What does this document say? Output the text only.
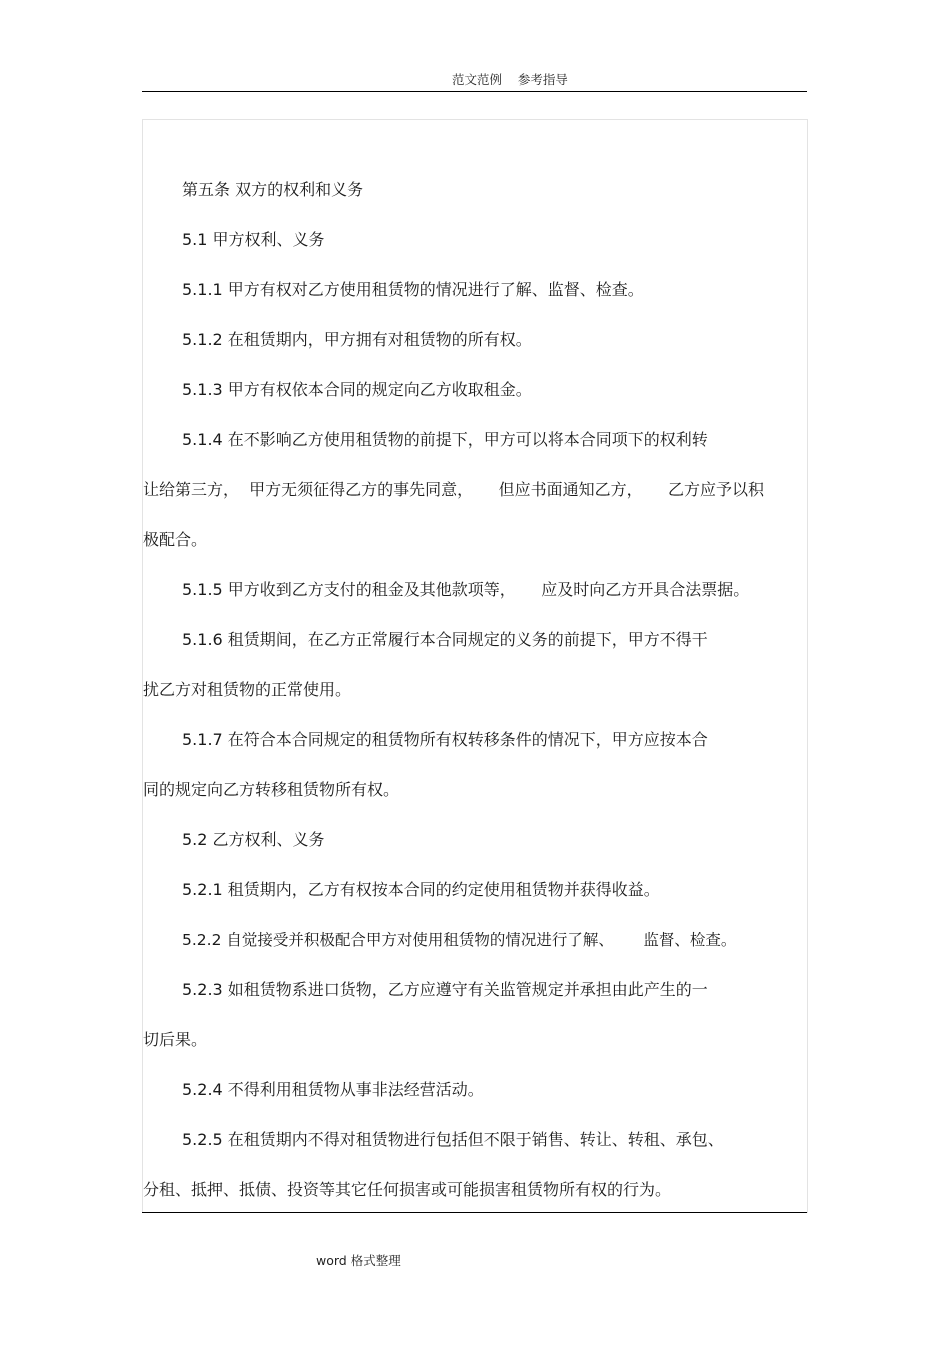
范文范例    参考指导
第五条 双方的权利和义务
5.1 甲方权利、义务
5.1.1 甲方有权对乙方使用租赁物的情况进行了解、监督、检查。
5.1.2 在租赁期内，甲方拥有对租赁物的所有权。
5.1.3 甲方有权依本合同的规定向乙方收取租金。
5.1.4 在不影响乙方使用租赁物的前提下，甲方可以将本合同项下的权利转
让给第三方，  甲方无须征得乙方的事先同意，     但应书面通知乙方，     乙方应予以积
极配合。
5.1.5 甲方收到乙方支付的租金及其他款项等，     应及时向乙方开具合法票据。
5.1.6 租赁期间，在乙方正常履行本合同规定的义务的前提下，甲方不得干
扰乙方对租赁物的正常使用。
5.1.7 在符合本合同规定的租赁物所有权转移条件的情况下，甲方应按本合
同的规定向乙方转移租赁物所有权。
5.2 乙方权利、义务
5.2.1 租赁期内，乙方有权按本合同的约定使用租赁物并获得收益。
5.2.2 自觉接受并积极配合甲方对使用租赁物的情况进行了解、      监督、检查。
5.2.3 如租赁物系进口货物，乙方应遵守有关监管规定并承担由此产生的一
切后果。
5.2.4 不得利用租赁物从事非法经营活动。
5.2.5 在租赁期内不得对租赁物进行包括但不限于销售、转让、转租、承包、
分租、抵押、抵债、投资等其它任何损害或可能损害租赁物所有权的行为。
word 格式整理
